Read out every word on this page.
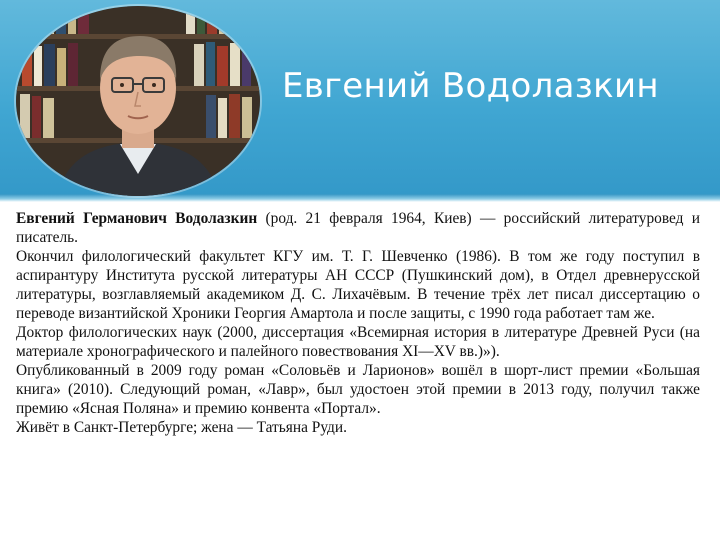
Евгений Водолазкин

Евгений Германович Водолазкин (род. 21 февраля 1964, Киев) — российский литературовед и писатель.

Окончил филологический факультет КГУ им. Т. Г. Шевченко (1986). В том же году поступил в аспирантуру Института русской литературы АН СССР (Пушкинский дом), в Отдел древнерусской литературы, возглавляемый академиком Д. С. Лихачёвым. В течение трёх лет писал диссертацию о переводе византийской Хроники Георгия Амартола и после защиты, с 1990 года работает там же.

Доктор филологических наук (2000, диссертация «Всемирная история в литературе Древней Руси (на материале хронографического и палейного повествования XI—XV вв.)»).

Опубликованный в 2009 году роман «Соловьёв и Ларионов» вошёл в шорт-лист премии «Большая книга» (2010). Следующий роман, «Лавр», был удостоен этой премии в 2013 году, получил также премию «Ясная Поляна» и премию конвента «Портал».

Живёт в Санкт-Петербурге; жена — Татьяна Руди.
